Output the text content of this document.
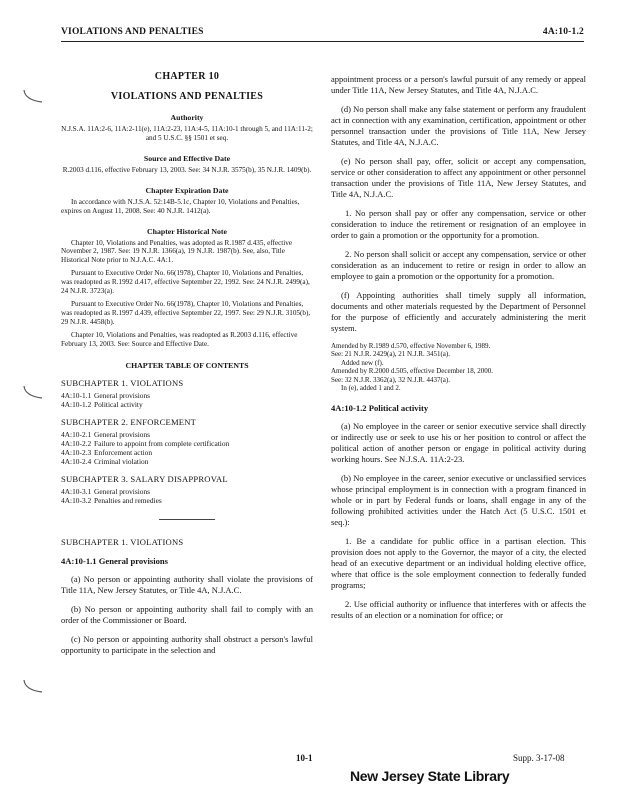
VIOLATIONS AND PENALTIES	4A:10-1.2

CHAPTER 10

VIOLATIONS AND PENALTIES

Authority

N.J.S.A. 11A:2-6, 11A:2-11(e), 11A:2-23, 11A:4-5, 11A:10-1 through 5, and 11A:11-2; and 5 U.S.C. §§ 1501 et seq.

Source and Effective Date

R.2003 d.116, effective February 13, 2003. See: 34 N.J.R. 3575(b), 35 N.J.R. 1409(b).

Chapter Expiration Date

In accordance with N.J.S.A. 52:14B-5.1c, Chapter 10, Violations and Penalties, expires on August 11, 2008. See: 40 N.J.R. 1412(a).

Chapter Historical Note

Chapter 10, Violations and Penalties, was adopted as R.1987 d.435, effective November 2, 1987. See: 19 N.J.R. 1366(a), 19 N.J.R. 1987(b). See, also, Title Historical Note prior to N.J.A.C. 4A:1.

Pursuant to Executive Order No. 66(1978), Chapter 10, Violations and Penalties, was readopted as R.1992 d.417, effective September 22, 1992. See: 24 N.J.R. 2499(a), 24 N.J.R. 3723(a).

Pursuant to Executive Order No. 66(1978), Chapter 10, Violations and Penalties, was readopted as R.1997 d.439, effective September 22, 1997. See: 29 N.J.R. 3105(b), 29 N.J.R. 4458(b).

Chapter 10, Violations and Penalties, was readopted as R.2003 d.116, effective February 13, 2003. See: Source and Effective Date.

CHAPTER TABLE OF CONTENTS

SUBCHAPTER 1. VIOLATIONS

4A:10-1.1 General provisions
4A:10-1.2 Political activity

SUBCHAPTER 2. ENFORCEMENT

4A:10-2.1 General provisions
4A:10-2.2 Failure to appoint from complete certification
4A:10-2.3 Enforcement action
4A:10-2.4 Criminal violation

SUBCHAPTER 3. SALARY DISAPPROVAL

4A:10-3.1 General provisions
4A:10-3.2 Penalties and remedies

SUBCHAPTER 1. VIOLATIONS

4A:10-1.1 General provisions

(a) No person or appointing authority shall violate the provisions of Title 11A, New Jersey Statutes, or Title 4A, N.J.A.C.

(b) No person or appointing authority shall fail to comply with an order of the Commissioner or Board.

(c) No person or appointing authority shall obstruct a person's lawful opportunity to participate in the selection and

appointment process or a person's lawful pursuit of any remedy or appeal under Title 11A, New Jersey Statutes, and Title 4A, N.J.A.C.

(d) No person shall make any false statement or perform any fraudulent act in connection with any examination, certification, appointment or other personnel transaction under the provisions of Title 11A, New Jersey Statutes, and Title 4A, N.J.A.C.

(e) No person shall pay, offer, solicit or accept any compensation, service or other consideration to affect any appointment or other personnel transaction under the provisions of Title 11A, New Jersey Statutes, and Title 4A, N.J.A.C.

1. No person shall pay or offer any compensation, service or other consideration to induce the retirement or resignation of an employee in order to gain a promotion or the opportunity for a promotion.

2. No person shall solicit or accept any compensation, service or other consideration as an inducement to retire or resign in order to allow an employee to gain a promotion or the opportunity for a promotion.

(f) Appointing authorities shall timely supply all information, documents and other materials requested by the Department of Personnel for the purpose of efficiently and accurately administering the merit system.

Amended by R.1989 d.570, effective November 6, 1989.

See: 21 N.J.R. 2429(a), 21 N.J.R. 3451(a).

Added new (f).

Amended by R.2000 d.505, effective December 18, 2000.

See: 32 N.J.R. 3362(a), 32 N.J.R. 4437(a).

In (e), added 1 and 2.

4A:10-1.2 Political activity

(a) No employee in the career or senior executive service shall directly or indirectly use or seek to use his or her position to control or affect the political action of another person or engage in political activity during working hours. See N.J.S.A. 11A:2-23.

(b) No employee in the career, senior executive or unclassified services whose principal employment is in connection with a program financed in whole or in part by Federal funds or loans, shall engage in any of the following prohibited activities under the Hatch Act (5 U.S.C. 1501 et seq.):

1. Be a candidate for public office in a partisan election. This provision does not apply to the Governor, the mayor of a city, the elected head of an executive department or an individual holding elective office, where that office is the sole employment connection to federally funded programs;

2. Use official authority or influence that interferes with or affects the results of an election or a nomination for office; or

10-1	Supp. 3-17-08
New Jersey State Library
